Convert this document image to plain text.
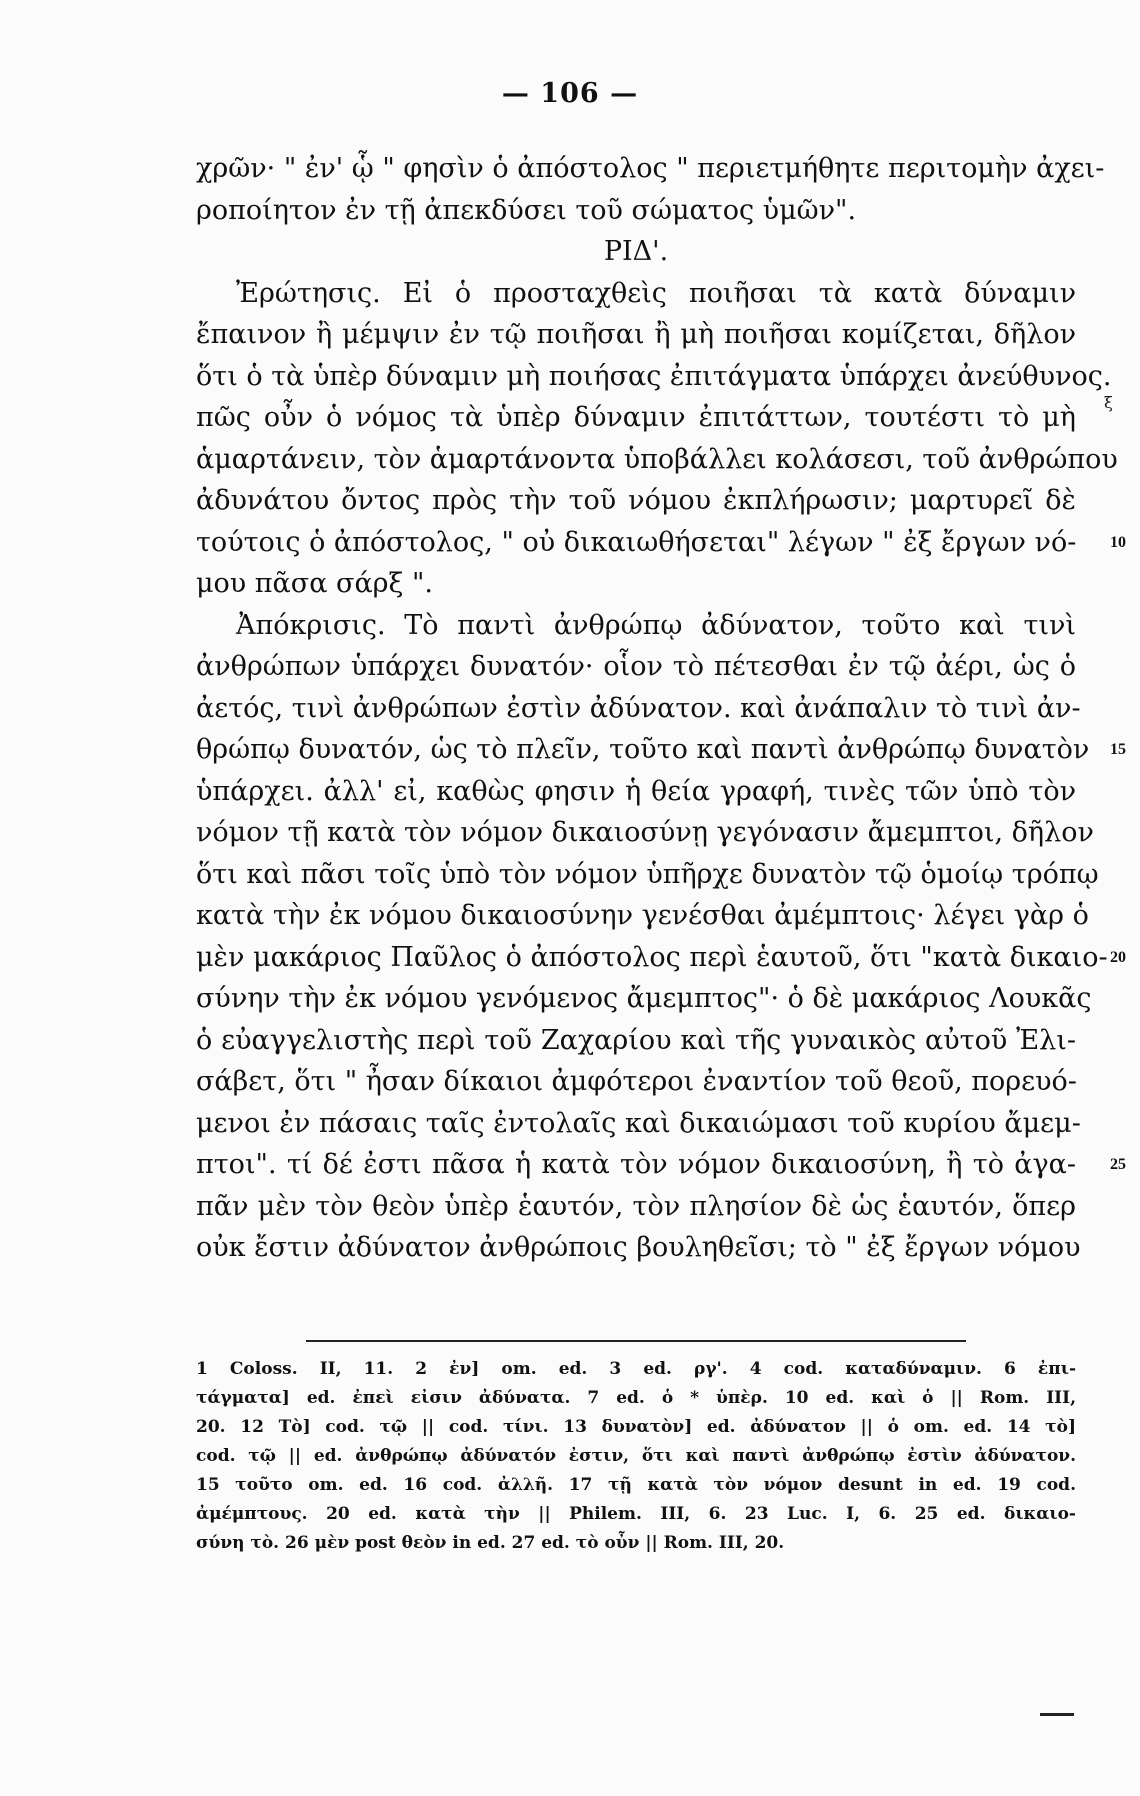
— 106 —
ξ
χρῶν· " ἐν' ᾧ " φησὶν ὁ ἀπόστολος " περιετμήθητε περιτομὴν ἀχει-
ροποίητον ἐν τῇ ἀπεκδύσει τοῦ σώματος ὑμῶν".
ΡΙΔ'.
Ἐρώτησις. Εἰ ὁ προσταχθεὶς ποιῆσαι τὰ κατὰ δύναμιν
ἔπαινον ἢ μέμψιν ἐν τῷ ποιῆσαι ἢ μὴ ποιῆσαι κομίζεται, δῆλον
ὅτι ὁ τὰ ὑπὲρ δύναμιν μὴ ποιήσας ἐπιτάγματα ὑπάρχει ἀνεύθυνος.
πῶς οὖν ὁ νόμος τὰ ὑπὲρ δύναμιν ἐπιτάττων, τουτέστι τὸ μὴ
ἁμαρτάνειν, τὸν ἁμαρτάνοντα ὑποβάλλει κολάσεσι, τοῦ ἀνθρώπου
ἀδυνάτου ὄντος πρὸς τὴν τοῦ νόμου ἐκπλήρωσιν; μαρτυρεῖ δὲ
τούτοις ὁ ἀπόστολος, " οὐ δικαιωθήσεται" λέγων " ἐξ ἔργων νό-
μου πᾶσα σάρξ ".
Ἀπόκρισις. Τὸ παντὶ ἀνθρώπῳ ἀδύνατον, τοῦτο καὶ τινὶ
ἀνθρώπων ὑπάρχει δυνατόν· οἷον τὸ πέτεσθαι ἐν τῷ ἀέρι, ὡς ὁ
ἀετός, τινὶ ἀνθρώπων ἐστὶν ἀδύνατον. καὶ ἀνάπαλιν τὸ τινὶ ἀν-
θρώπῳ δυνατόν, ὡς τὸ πλεῖν, τοῦτο καὶ παντὶ ἀνθρώπῳ δυνατὸν
ὑπάρχει. ἀλλ' εἰ, καθὼς φησιν ἡ θεία γραφή, τινὲς τῶν ὑπὸ τὸν
νόμον τῇ κατὰ τὸν νόμον δικαιοσύνῃ γεγόνασιν ἄμεμπτοι, δῆλον
ὅτι καὶ πᾶσι τοῖς ὑπὸ τὸν νόμον ὑπῆρχε δυνατὸν τῷ ὁμοίῳ τρόπῳ
κατὰ τὴν ἐκ νόμου δικαιοσύνην γενέσθαι ἀμέμπτοις· λέγει γὰρ ὁ
μὲν μακάριος Παῦλος ὁ ἀπόστολος περὶ ἑαυτοῦ, ὅτι "κατὰ δικαιο-
σύνην τὴν ἐκ νόμου γενόμενος ἄμεμπτος"· ὁ δὲ μακάριος Λουκᾶς
ὁ εὐαγγελιστὴς περὶ τοῦ Ζαχαρίου καὶ τῆς γυναικὸς αὐτοῦ Ἐλι-
σάβετ, ὅτι " ἦσαν δίκαιοι ἀμφότεροι ἐναντίον τοῦ θεοῦ, πορευό-
μενοι ἐν πάσαις ταῖς ἐντολαῖς καὶ δικαιώμασι τοῦ κυρίου ἄμεμ-
πτοι". τί δέ ἐστι πᾶσα ἡ κατὰ τὸν νόμον δικαιοσύνη, ἢ τὸ ἀγα-
πᾶν μὲν τὸν θεὸν ὑπὲρ ἑαυτόν, τὸν πλησίον δὲ ὡς ἑαυτόν, ὅπερ
οὐκ ἔστιν ἀδύνατον ἀνθρώποις βουληθεῖσι; τὸ " ἐξ ἔργων νόμου
10
15
20
25
1 Coloss. II, 11. 2 ἐν] om. ed. 3 ed. ργ'. 4 cod. καταδύναμιν. 6 ἐπι-
τάγματα] ed. ἐπεὶ εἰσιν ἀδύνατα. 7 ed. ὁ * ὑπὲρ. 10 ed. καὶ ὁ || Rom. III,
20. 12 Τὸ] cod. τῷ || cod. τίνι. 13 δυνατὸν] ed. ἀδύνατον || ὁ om. ed. 14 τὸ]
cod. τῷ || ed. ἀνθρώπῳ ἀδύνατόν ἐστιν, ὅτι καὶ παντὶ ἀνθρώπῳ ἐστὶν ἀδύνατον.
15 τοῦτο om. ed. 16 cod. ἀλλῆ. 17 τῇ κατὰ τὸν νόμον desunt in ed. 19 cod.
ἀμέμπτους. 20 ed. κατὰ τὴν || Philem. III, 6. 23 Luc. I, 6. 25 ed. δικαιο-
σύνη τὸ. 26 μὲν post θεὸν in ed. 27 ed. τὸ οὖν || Rom. III, 20.
